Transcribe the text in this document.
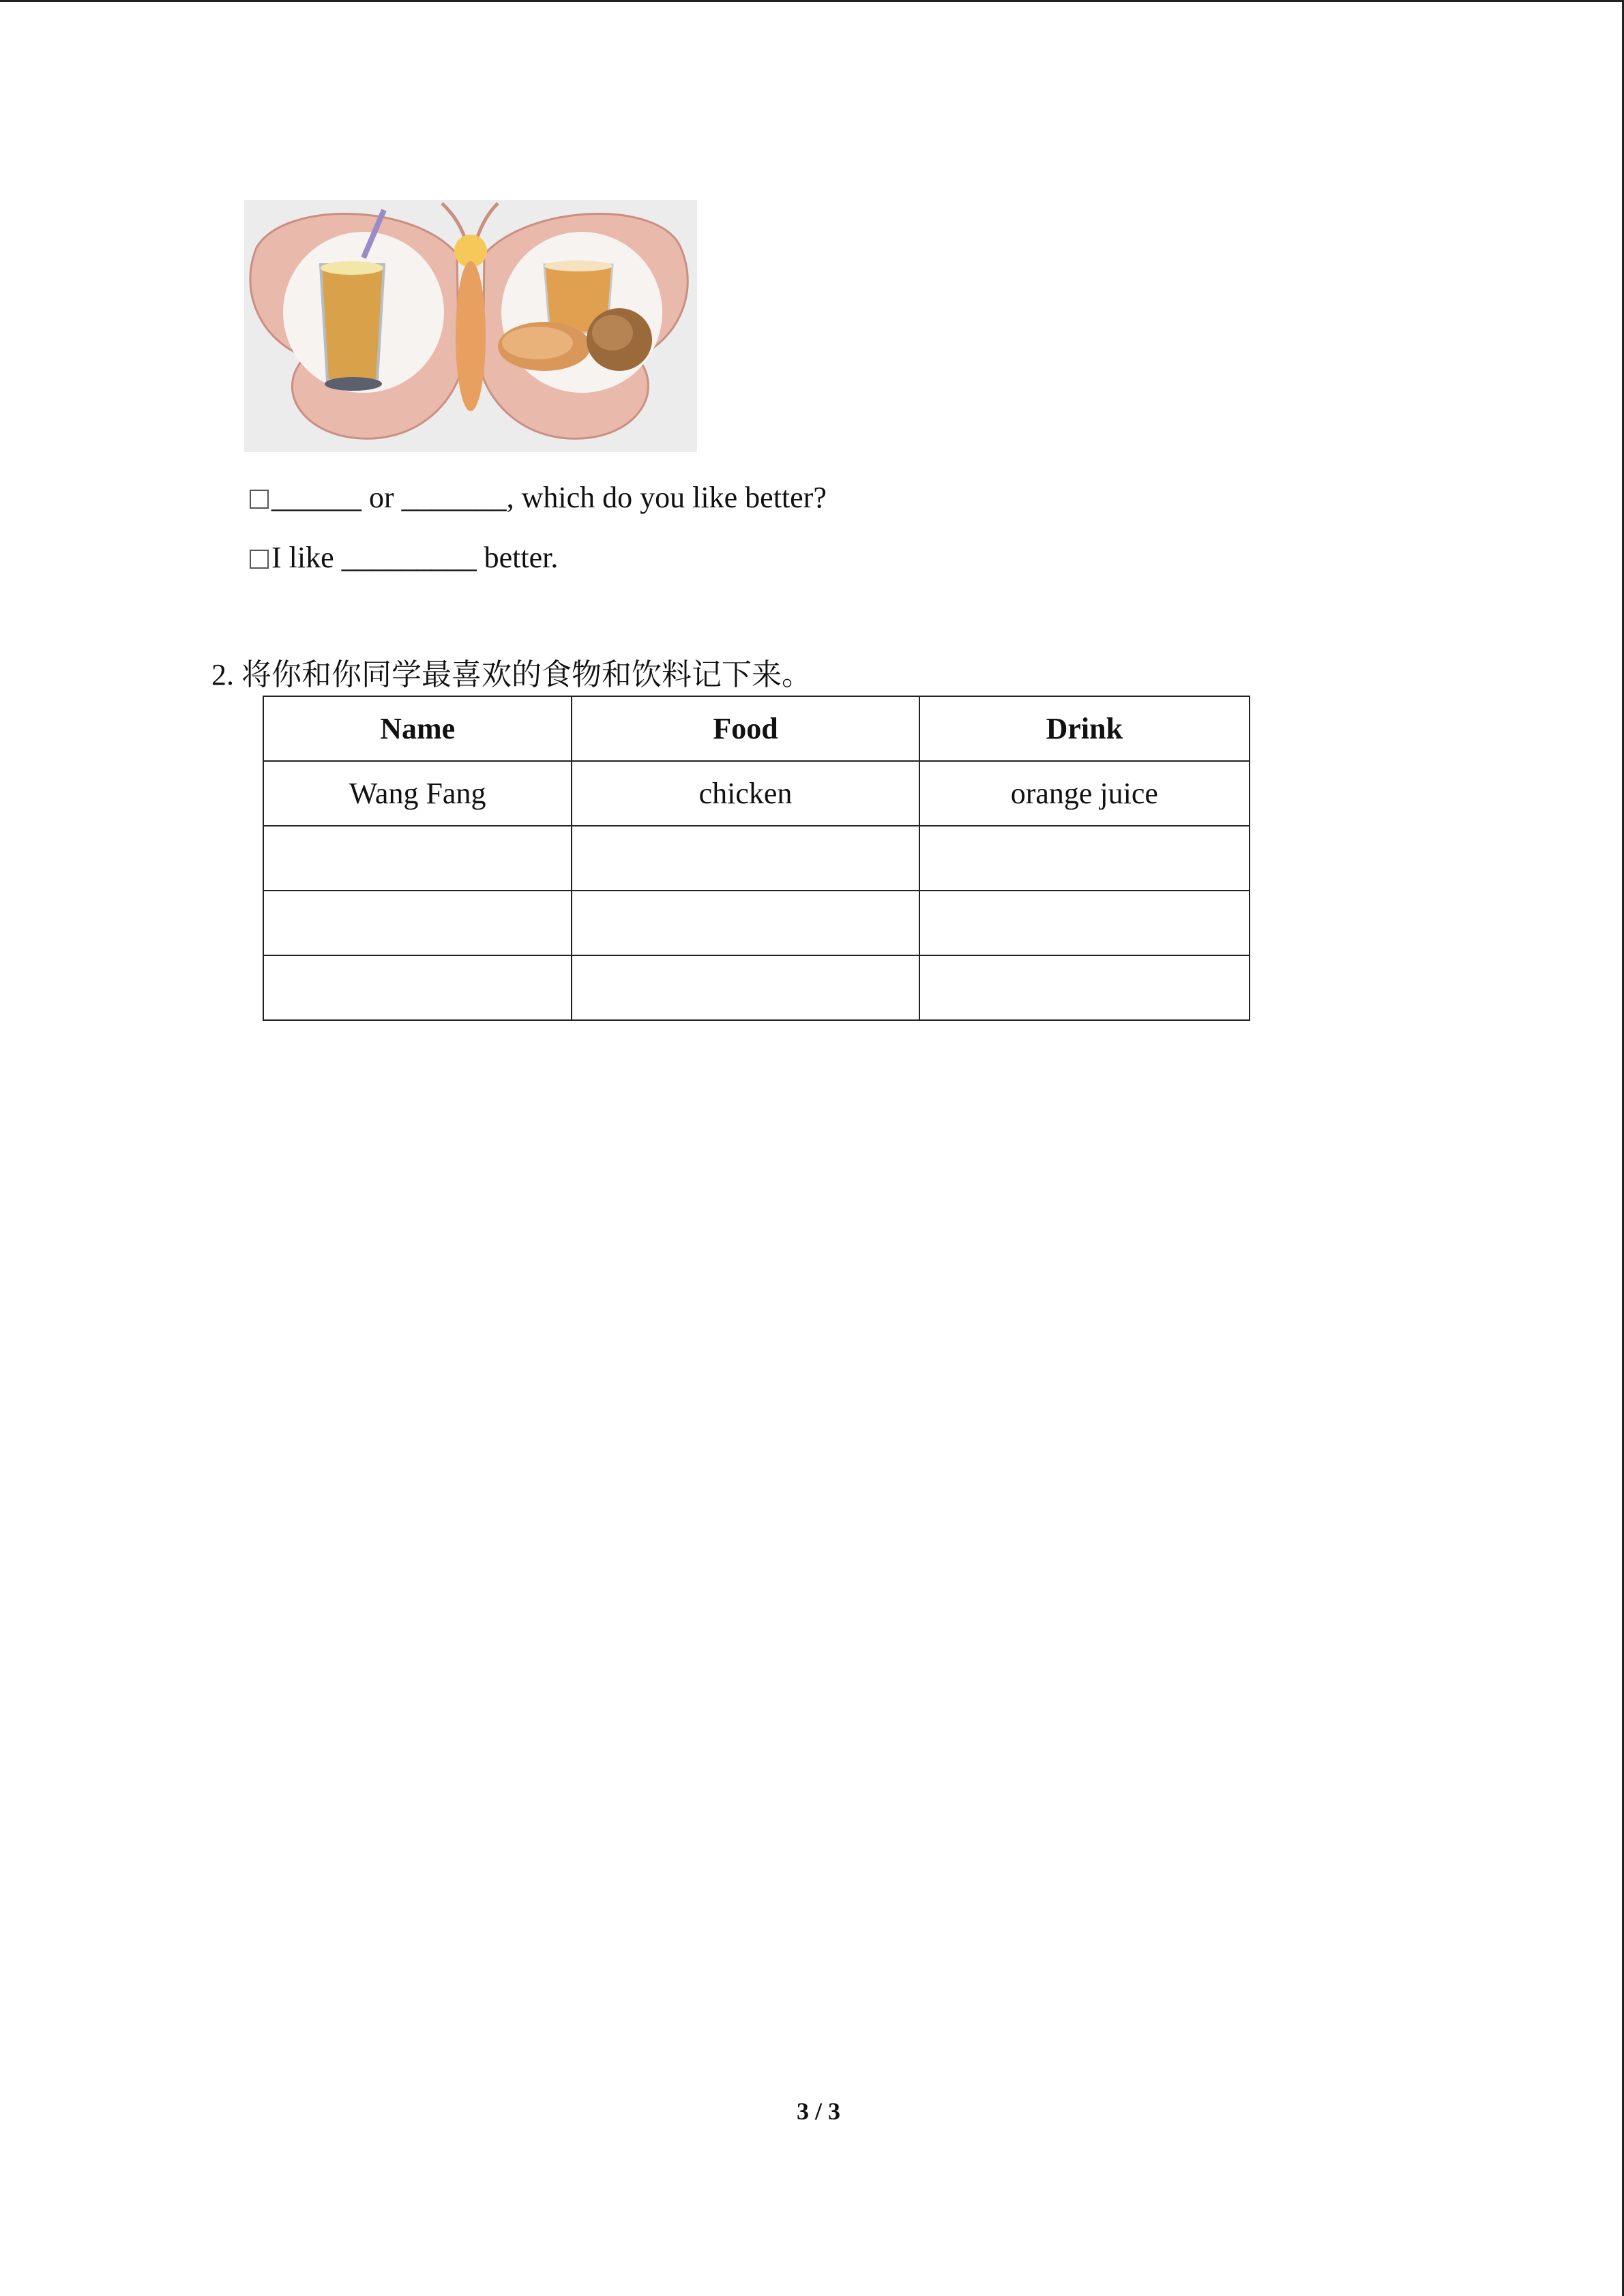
______ or _______, which do you like better?
I like _________ better.
2. 将你和你同学最喜欢的食物和饮料记下来。
Name	Food	Drink
Wang Fang	chicken	orange juice

3 / 3
